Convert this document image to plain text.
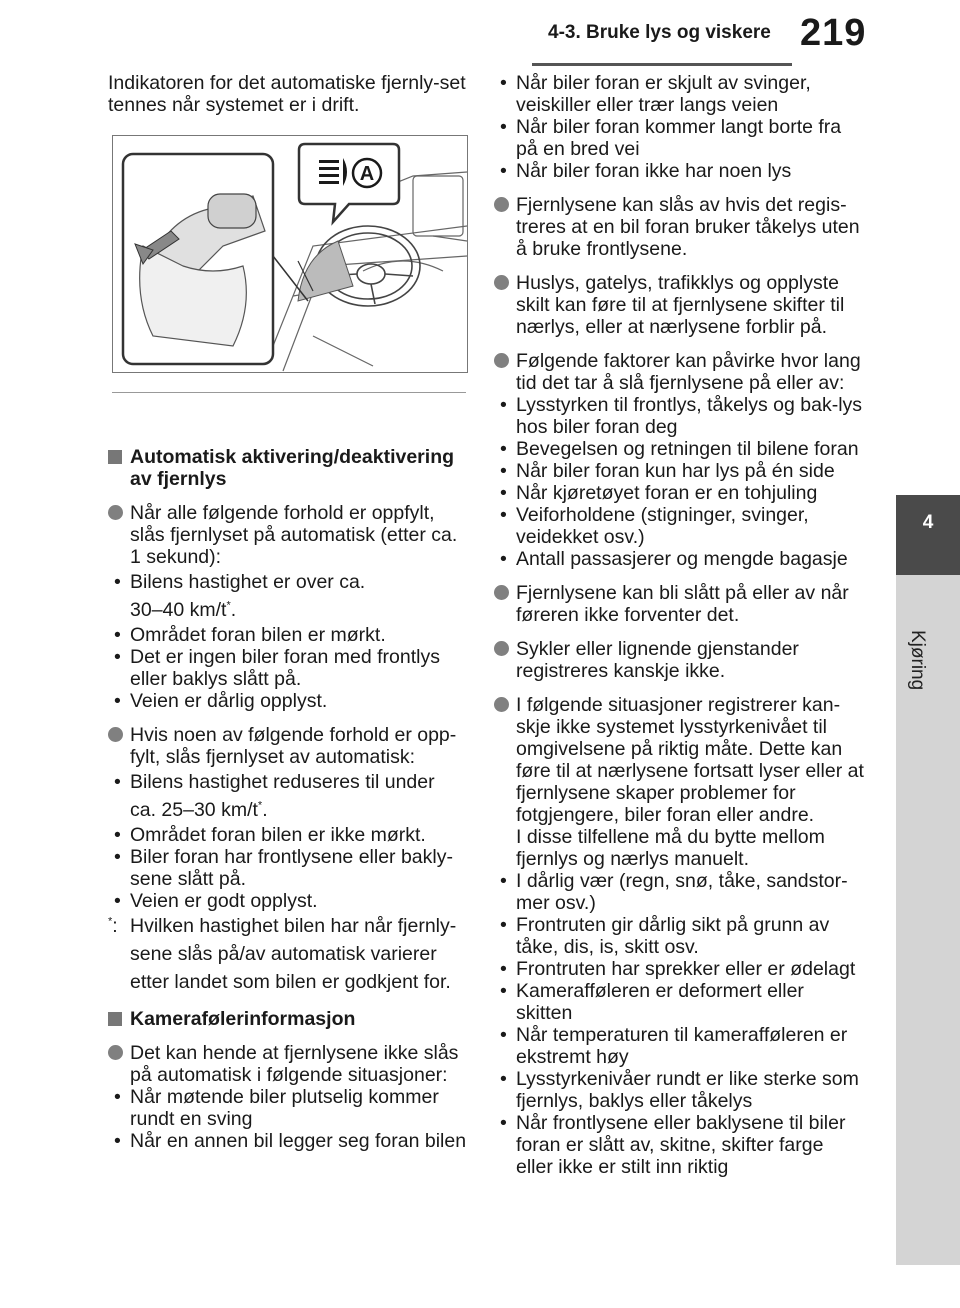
4-3. Bruke lys og viskere 219
4
Kjøring
A

Indikatoren for det automatiske fjernly-set tennes når systemet er i drift.

Automatisk aktivering/deaktivering av fjernlys

Når alle følgende forhold er oppfylt, slås fjernlyset på automatisk (etter ca. 1 sekund):

• Bilens hastighet er over ca.
30–40 km/t*.

• Området foran bilen er mørkt.

• Det er ingen biler foran med frontlys eller baklys slått på.

• Veien er dårlig opplyst.

Hvis noen av følgende forhold er opp-fylt, slås fjernlyset av automatisk:

• Bilens hastighet reduseres til under
ca. 25–30 km/t*.

• Området foran bilen er ikke mørkt.

• Biler foran har frontlysene eller bakly-sene slått på.

• Veien er godt opplyst.

*: Hvilken hastighet bilen har når fjernly-sene slås på/av automatisk varierer etter landet som bilen er godkjent for.

Kamerafølerinformasjon

Det kan hende at fjernlysene ikke slås på automatisk i følgende situasjoner:

• Når møtende biler plutselig kommer rundt en sving

• Når en annen bil legger seg foran bilen

• Når biler foran er skjult av svinger, veiskiller eller trær langs veien

• Når biler foran kommer langt borte fra på en bred vei

• Når biler foran ikke har noen lys

Fjernlysene kan slås av hvis det regis-treres at en bil foran bruker tåkelys uten å bruke frontlysene.

Huslys, gatelys, trafikklys og opplyste skilt kan føre til at fjernlysene skifter til nærlys, eller at nærlysene forblir på.

Følgende faktorer kan påvirke hvor lang tid det tar å slå fjernlysene på eller av:

• Lysstyrken til frontlys, tåkelys og bak-lys hos biler foran deg

• Bevegelsen og retningen til bilene foran

• Når biler foran kun har lys på én side

• Når kjøretøyet foran er en tohjuling

• Veiforholdene (stigninger, svinger, veidekket osv.)

• Antall passasjerer og mengde bagasje

Fjernlysene kan bli slått på eller av når føreren ikke forventer det.

Sykler eller lignende gjenstander registreres kanskje ikke.

I følgende situasjoner registrerer kan-skje ikke systemet lysstyrkenivået til omgivelsene på riktig måte. Dette kan føre til at nærlysene fortsatt lyser eller at fjernlysene skaper problemer for fotgjengere, biler foran eller andre.
I disse tilfellene må du bytte mellom fjernlys og nærlys manuelt.

• I dårlig vær (regn, snø, tåke, sandstor-mer osv.)

• Frontruten gir dårlig sikt på grunn av tåke, dis, is, skitt osv.

• Frontruten har sprekker eller er ødelagt

• Kamerafføleren er deformert eller skitten

• Når temperaturen til kamerafføleren er ekstremt høy

• Lysstyrkenivåer rundt er like sterke som fjernlys, baklys eller tåkelys

• Når frontlysene eller baklysene til biler foran er slått av, skitne, skifter farge eller ikke er stilt inn riktig
